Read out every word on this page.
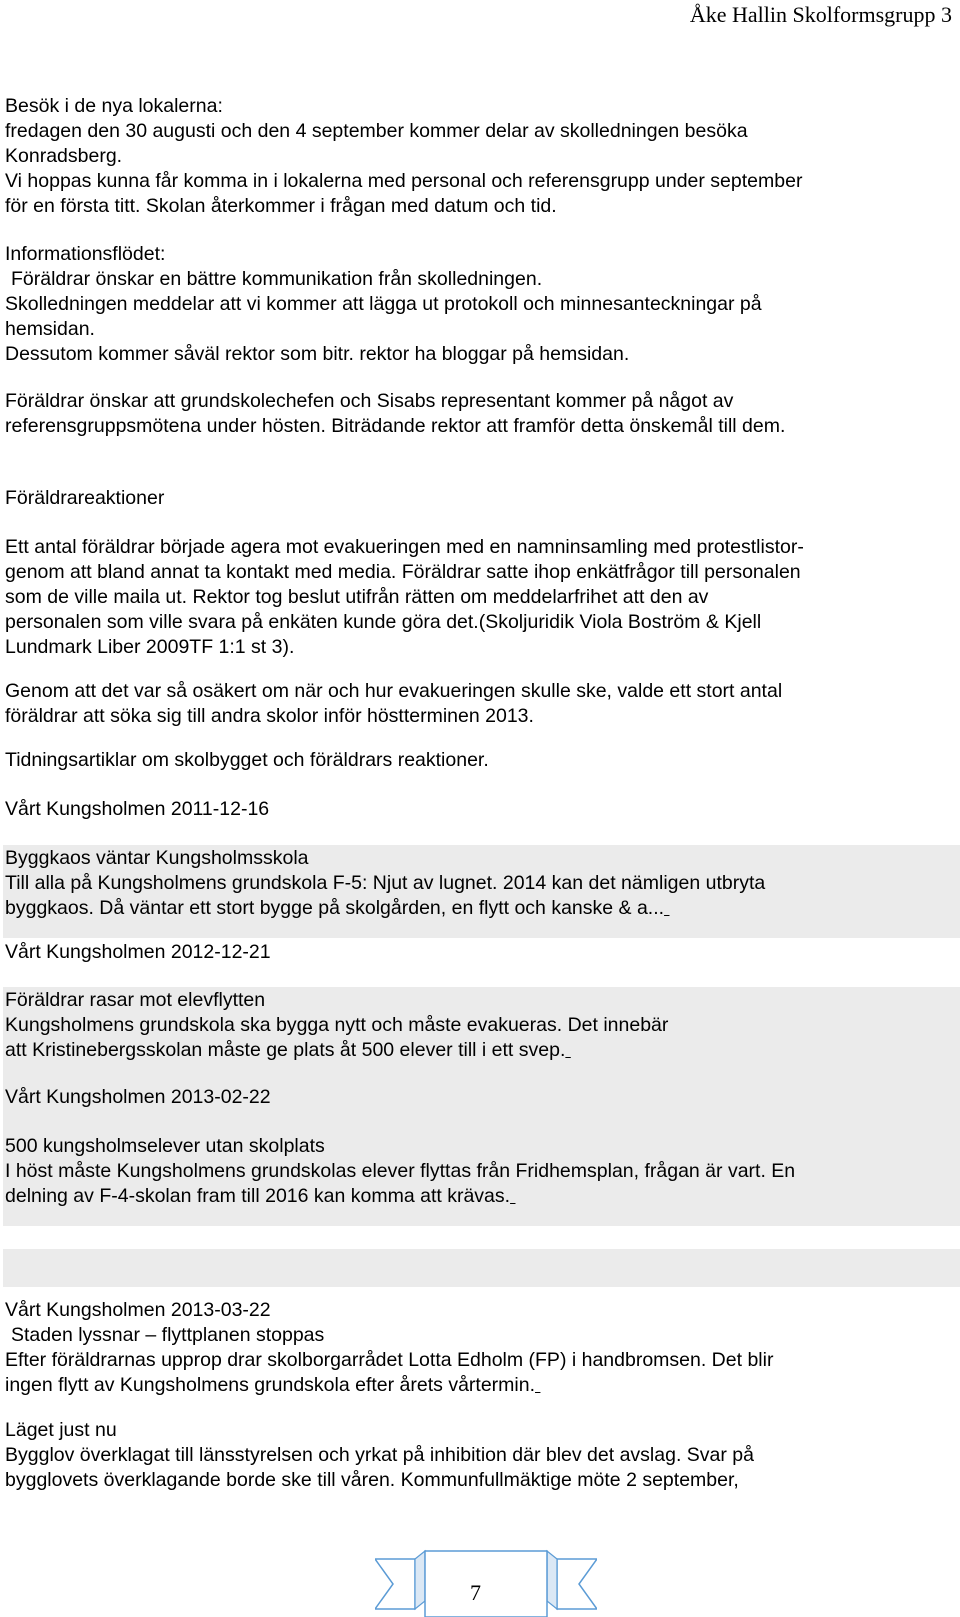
Åke Hallin Skolformsgrupp 3

Besök i de nya lokalerna:

fredagen den 30 augusti och den 4 september kommer delar av skolledningen besöka

Konradsberg.

Vi hoppas kunna får komma in i lokalerna med personal och referensgrupp under september

för en första titt. Skolan återkommer i frågan med datum och tid.

Informationsflödet:

Föräldrar önskar en bättre kommunikation från skolledningen.

Skolledningen meddelar att vi kommer att lägga ut protokoll och minnesanteckningar på

hemsidan.

Dessutom kommer såväl rektor som bitr. rektor ha bloggar på hemsidan.

Föräldrar önskar att grundskolechefen och Sisabs representant kommer på något av

referensgruppsmötena under hösten. Biträdande rektor att framför detta önskemål till dem.

Föräldrareaktioner

Ett antal föräldrar började agera mot evakueringen med en namninsamling med protestlistor-

genom att bland annat ta kontakt med media. Föräldrar satte ihop enkätfrågor till personalen

som de ville maila ut. Rektor tog beslut utifrån rätten om meddelarfrihet att den av

personalen som ville svara på enkäten kunde göra det.(Skoljuridik Viola Boström & Kjell

Lundmark Liber 2009TF 1:1 st 3).

Genom att det var så osäkert om när och hur evakueringen skulle ske, valde ett stort antal

föräldrar att söka sig till andra skolor inför höstterminen 2013.

Tidningsartiklar om skolbygget och föräldrars reaktioner.
Vårt Kungsholmen 2011-12-16

Byggkaos väntar Kungsholmsskola

Till alla på Kungsholmens grundskola F-5: Njut av lugnet. 2014 kan det nämligen utbryta

byggkaos. Då väntar ett stort bygge på skolgården, en flytt och kanske & a...

Vårt Kungsholmen 2012-12-21

Föräldrar rasar mot elevflytten

Kungsholmens grundskola ska bygga nytt och måste evakueras. Det innebär

att Kristinebergsskolan måste ge plats åt 500 elever till i ett svep.

Vårt Kungsholmen 2013-02-22

500 kungsholmselever utan skolplats

I höst måste Kungsholmens grundskolas elever flyttas från Fridhemsplan, frågan är vart. En

delning av F-4-skolan fram till 2016 kan komma att krävas.

Vårt Kungsholmen 2013-03-22

Staden lyssnar – flyttplanen stoppas

Efter föräldrarnas upprop drar skolborgarrådet Lotta Edholm (FP) i handbromsen. Det blir

ingen flytt av Kungsholmens grundskola efter årets vårtermin.

Läget just nu

Bygglov överklagat till länsstyrelsen och yrkat på inhibition där blev det avslag. Svar på

bygglovets överklagande borde ske till våren. Kommunfullmäktige möte 2 september,

7
